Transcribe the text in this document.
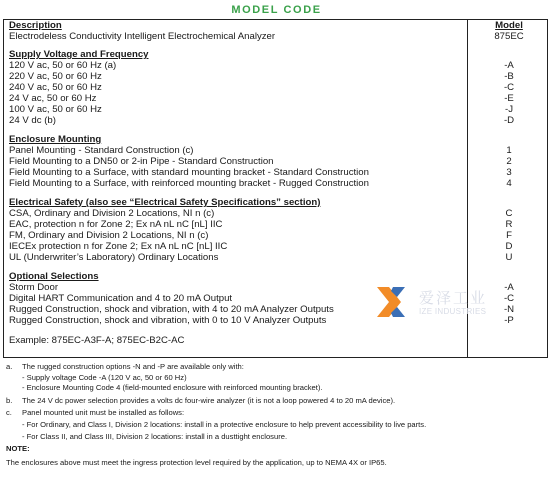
MODEL CODE
Description	Model
Electrodeless Conductivity Intelligent Electrochemical Analyzer	875EC
Supply Voltage and Frequency
120 V ac, 50 or 60 Hz (a)	-A
220 V ac, 50 or 60 Hz	-B
240 V ac, 50 or 60 Hz	-C
24 V ac, 50 or 60 Hz	-E
100 V ac, 50 or 60 Hz	-J
24 V dc (b)	-D
Enclosure Mounting
Panel Mounting - Standard Construction (c)	1
Field Mounting to a DN50 or 2-in Pipe - Standard Construction	2
Field Mounting to a Surface, with standard mounting bracket - Standard Construction	3
Field Mounting to a Surface, with reinforced mounting bracket - Rugged Construction	4
Electrical Safety (also see “Electrical Safety Specifications” section)
CSA, Ordinary and Division 2 Locations, NI n (c)	C
EAC, protection n for Zone 2; Ex nA nL nC [nL] IIC	R
FM, Ordinary and Division 2 Locations, NI n (c)	F
IECEx protection n for Zone 2; Ex nA nL nC [nL] IIC	D
UL (Underwriter’s Laboratory) Ordinary Locations	U
Optional Selections
Storm Door	-A
Digital HART Communication and 4 to 20 mA Output	-C
Rugged Construction, shock and vibration, with 4 to 20 mA Analyzer Outputs	-N
Rugged Construction, shock and vibration, with 0 to 10 V Analyzer Outputs	-P
Example: 875EC-A3F-A; 875EC-B2C-AC
爱泽工业
IZE INDUSTRIES
a. The rugged construction options -N and -P are available only with:
- Supply voltage Code -A (120 V ac, 50 or 60 Hz)
- Enclosure Mounting Code 4 (field-mounted enclosure with reinforced mounting bracket).
b. The 24 V dc power selection provides a volts dc four-wire analyzer (it is not a loop powered 4 to 20 mA device).
c. Panel mounted unit must be installed as follows:
- For Ordinary, and Class I, Division 2 locations: install in a protective enclosure to help prevent accessibility to live parts.
- For Class II, and Class III, Division 2 locations: install in a dusttight enclosure.
NOTE:
The enclosures above must meet the ingress protection level required by the application, up to NEMA 4X or IP65.
